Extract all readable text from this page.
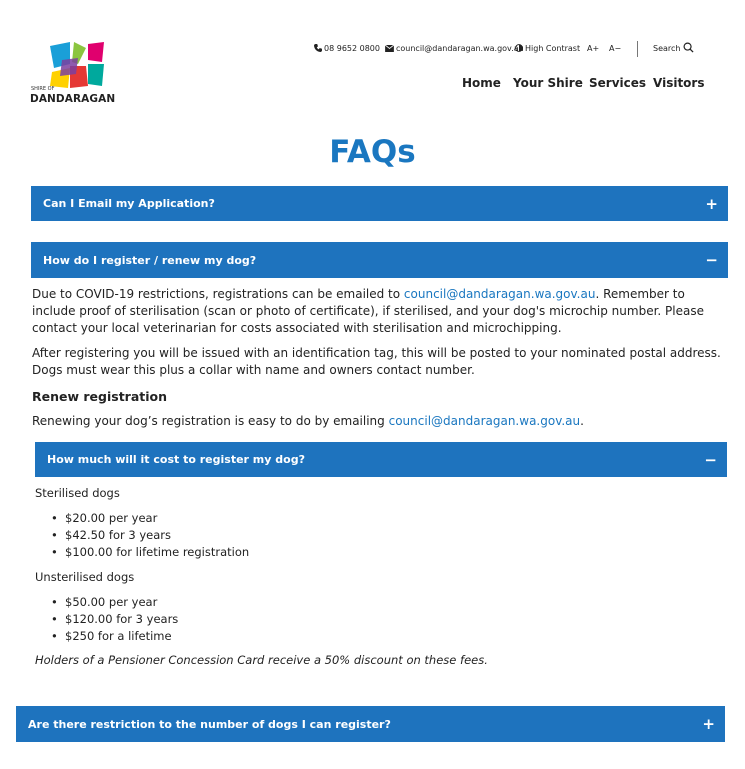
SHIRE OF
DANDARAGAN
08 9652 0800	council@dandaragan.wa.gov.au High Contrast A+ A−	Search
Home Your Shire Services Visitors
FAQs
Can I Email my Application?	+
How do I register / renew my dog?	−

Due to COVID-19 restrictions, registrations can be emailed to council@dandaragan.wa.gov.au. Remember to include proof of sterilisation (scan or photo of certificate), if sterilised, and your dog's microchip number. Please contact your local veterinarian for costs associated with sterilisation and microchipping.

After registering you will be issued with an identification tag, this will be posted to your nominated postal address. Dogs must wear this plus a collar with name and owners contact number.

Renew registration

Renewing your dog’s registration is easy to do by emailing council@dandaragan.wa.gov.au.

How much will it cost to register my dog?	−
Sterilised dogs
• $20.00 per year
• $42.50 for 3 years
• $100.00 for lifetime registration
Unsterilised dogs
• $50.00 per year
• $120.00 for 3 years
• $250 for a lifetime

Holders of a Pensioner Concession Card receive a 50% discount on these fees.

Are there restriction to the number of dogs I can register?	+
